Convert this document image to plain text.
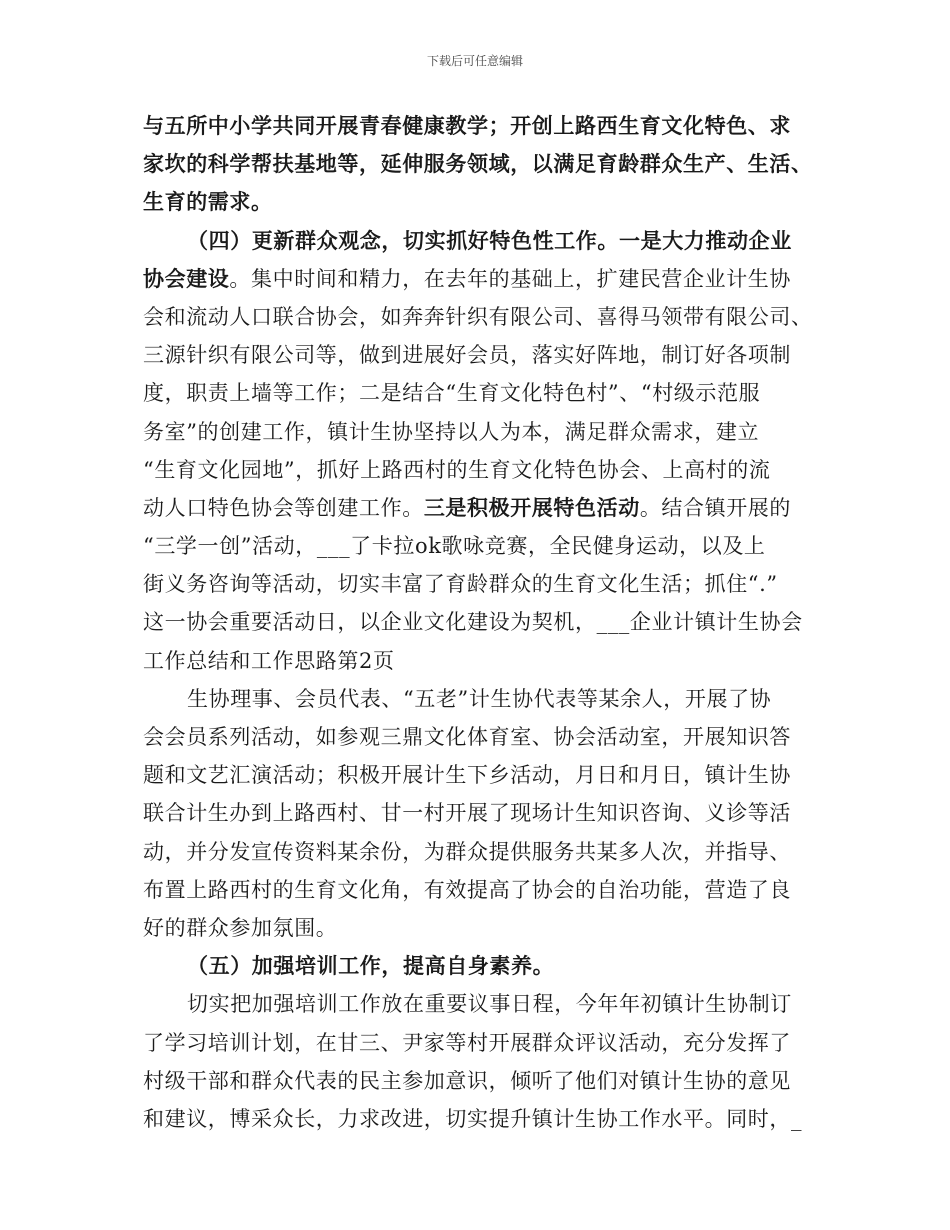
下载后可任意编辑
与五所中小学共同开展青春健康教学；开创上路西生育文化特色、求
家坎的科学帮扶基地等，延伸服务领域，以满足育龄群众生产、生活、
生育的需求。
（四）更新群众观念，切实抓好特色性工作。一是大力推动企业
协会建设。集中时间和精力，在去年的基础上，扩建民营企业计生协
会和流动人口联合协会，如奔奔针织有限公司、喜得马领带有限公司、
三源针织有限公司等，做到进展好会员，落实好阵地，制订好各项制
度，职责上墙等工作；二是结合“生育文化特色村”、“村级示范服
务室”的创建工作，镇计生协坚持以人为本，满足群众需求，建立
“生育文化园地”，抓好上路西村的生育文化特色协会、上高村的流
动人口特色协会等创建工作。三是积极开展特色活动。结合镇开展的
“三学一创”活动，___了卡拉ok歌咏竞赛，全民健身运动，以及上
街义务咨询等活动，切实丰富了育龄群众的生育文化生活；抓住“.”
这一协会重要活动日，以企业文化建设为契机，___企业计镇计生协会
工作总结和工作思路第2页
生协理事、会员代表、“五老”计生协代表等某余人，开展了协
会会员系列活动，如参观三鼎文化体育室、协会活动室，开展知识答
题和文艺汇演活动；积极开展计生下乡活动，月日和月日，镇计生协
联合计生办到上路西村、甘一村开展了现场计生知识咨询、义诊等活
动，并分发宣传资料某余份，为群众提供服务共某多人次，并指导、
布置上路西村的生育文化角，有效提高了协会的自治功能，营造了良
好的群众参加氛围。
（五）加强培训工作，提高自身素养。
切实把加强培训工作放在重要议事日程，今年年初镇计生协制订
了学习培训计划，在甘三、尹家等村开展群众评议活动，充分发挥了
村级干部和群众代表的民主参加意识，倾听了他们对镇计生协的意见
和建议，博采众长，力求改进，切实提升镇计生协工作水平。同时，_
